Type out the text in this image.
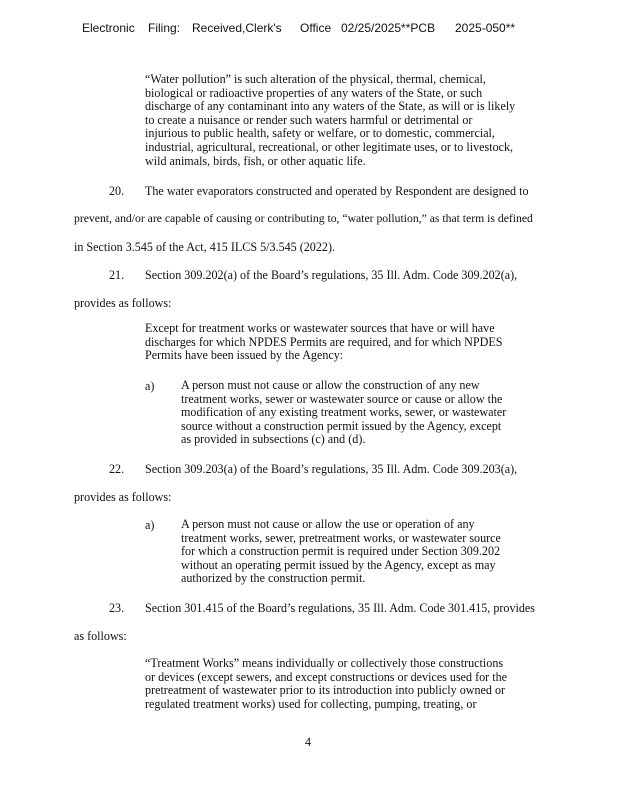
Electronic Filing: Received,Clerk's Office 02/25/2025**PCB 2025-050**
“Water pollution” is such alteration of the physical, thermal, chemical,
biological or radioactive properties of any waters of the State, or such
discharge of any contaminant into any waters of the State, as will or is likely
to create a nuisance or render such waters harmful or detrimental or
injurious to public health, safety or welfare, or to domestic, commercial,
industrial, agricultural, recreational, or other legitimate uses, or to livestock,
wild animals, birds, fish, or other aquatic life.
20. The water evaporators constructed and operated by Respondent are designed to
prevent, and/or are capable of causing or contributing to, “water pollution,” as that term is defined
in Section 3.545 of the Act, 415 ILCS 5/3.545 (2022).
21. Section 309.202(a) of the Board’s regulations, 35 Ill. Adm. Code 309.202(a),
provides as follows:
Except for treatment works or wastewater sources that have or will have
discharges for which NPDES Permits are required, and for which NPDES
Permits have been issued by the Agency:
a) A person must not cause or allow the construction of any new
treatment works, sewer or wastewater source or cause or allow the
modification of any existing treatment works, sewer, or wastewater
source without a construction permit issued by the Agency, except
as provided in subsections (c) and (d).
22. Section 309.203(a) of the Board’s regulations, 35 Ill. Adm. Code 309.203(a),
provides as follows:
a) A person must not cause or allow the use or operation of any
treatment works, sewer, pretreatment works, or wastewater source
for which a construction permit is required under Section 309.202
without an operating permit issued by the Agency, except as may
authorized by the construction permit.
23. Section 301.415 of the Board’s regulations, 35 Ill. Adm. Code 301.415, provides
as follows:
“Treatment Works” means individually or collectively those constructions
or devices (except sewers, and except constructions or devices used for the
pretreatment of wastewater prior to its introduction into publicly owned or
regulated treatment works) used for collecting, pumping, treating, or
4
